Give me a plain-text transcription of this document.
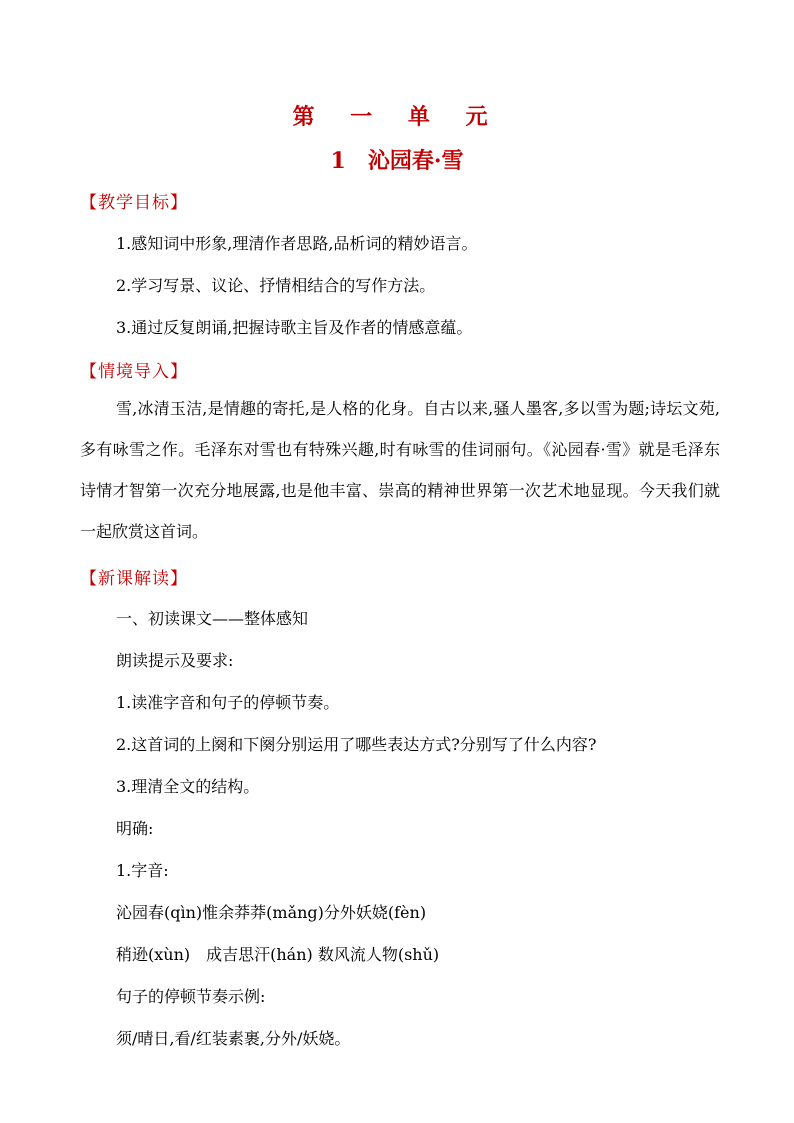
第 一 单 元
1 沁园春·雪
【教学目标】
1.感知词中形象,理清作者思路,品析词的精妙语言。
2.学习写景、议论、抒情相结合的写作方法。
3.通过反复朗诵,把握诗歌主旨及作者的情感意蕴。
【情境导入】
雪,冰清玉洁,是情趣的寄托,是人格的化身。自古以来,骚人墨客,多以雪为题;诗坛文苑,多有咏雪之作。毛泽东对雪也有特殊兴趣,时有咏雪的佳词丽句。《沁园春·雪》就是毛泽东诗情才智第一次充分地展露,也是他丰富、崇高的精神世界第一次艺术地显现。今天我们就一起欣赏这首词。
【新课解读】
一、初读课文——整体感知
朗读提示及要求:
1.读准字音和句子的停顿节奏。
2.这首词的上阕和下阕分别运用了哪些表达方式?分别写了什么内容?
3.理清全文的结构。
明确:
1.字音:
沁园春(qìn)惟余莽莽(mǎng)分外妖娆(fèn)
稍逊(xùn)　成吉思汗(hán) 数风流人物(shǔ)
句子的停顿节奏示例:
须/晴日,看/红装素裹,分外/妖娆。
